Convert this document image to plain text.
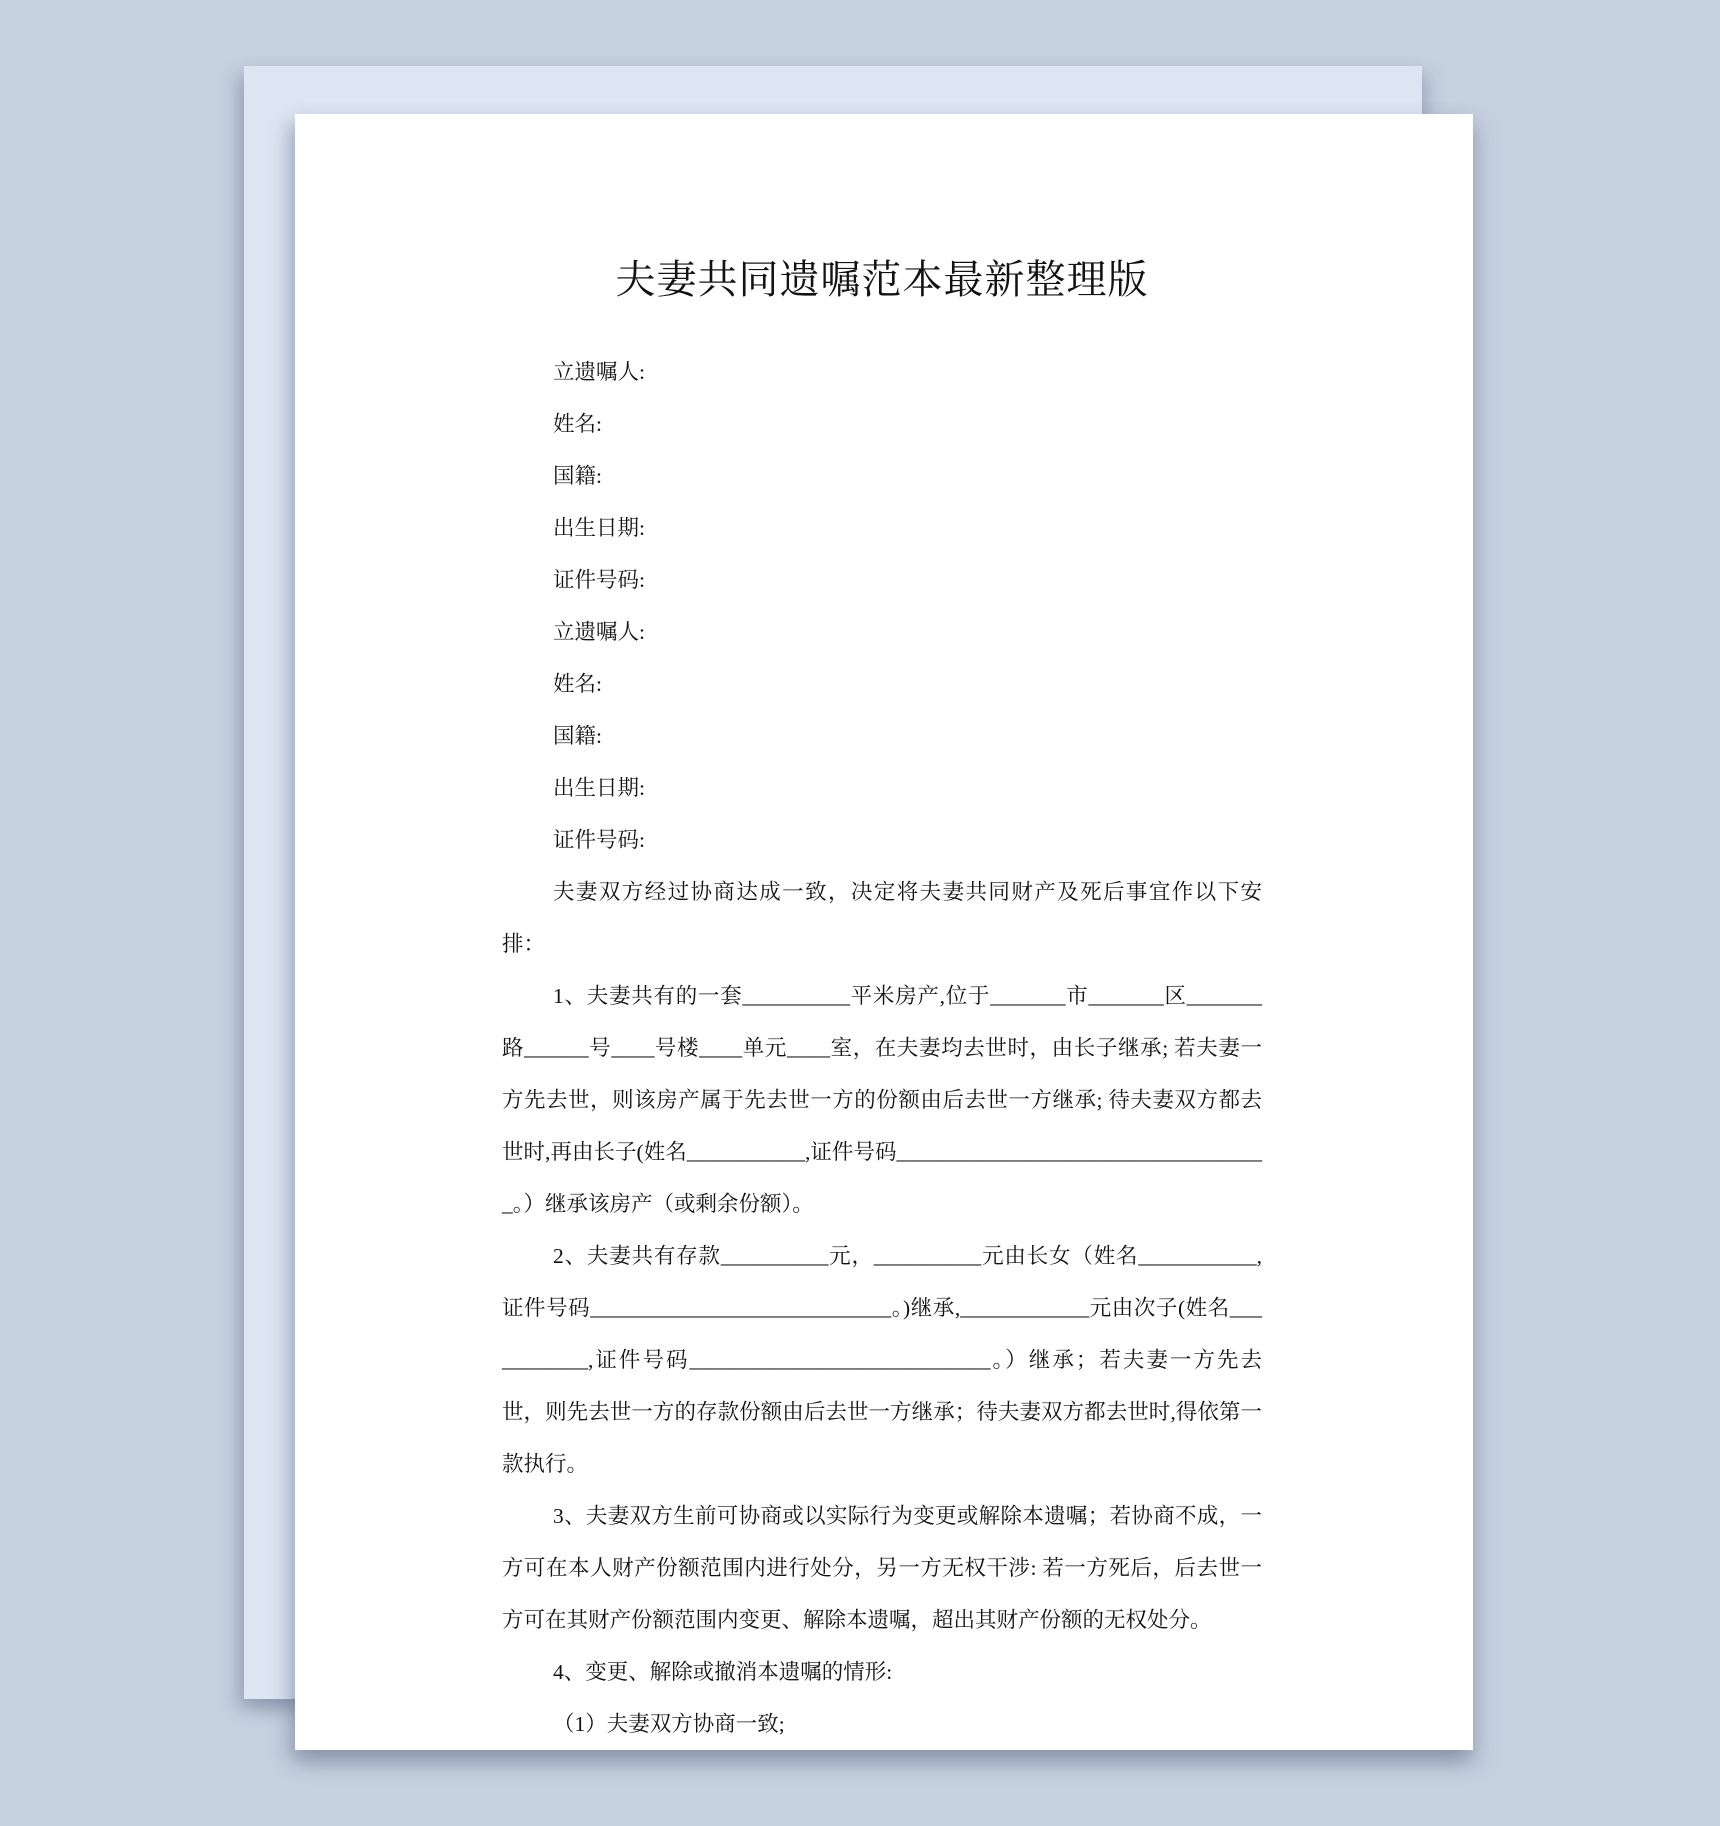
夫妻共同遗嘱范本最新整理版

立遗嘱人:

姓名:

国籍:

出生日期:

证件号码:

立遗嘱人:

姓名:

国籍:

出生日期:

证件号码:

夫妻双方经过协商达成一致，决定将夫妻共同财产及死后事宜作以下安排：

1、夫妻共有的一套__________平米房产,位于_______市_______区_______路______号____号楼____单元____室，在夫妻均去世时，由长子继承; 若夫妻一方先去世，则该房产属于先去世一方的份额由后去世一方继承; 待夫妻双方都去世时,再由长子(姓名___________,证件号码___________________________________。）继承该房产（或剩余份额）。

2、夫妻共有存款__________元，__________元由长女（姓名___________,证件号码____________________________。)继承,____________元由次子(姓名___________,证件号码____________________________。）继承；若夫妻一方先去世，则先去世一方的存款份额由后去世一方继承；待夫妻双方都去世时,得依第一款执行。

3、夫妻双方生前可协商或以实际行为变更或解除本遗嘱；若协商不成，一方可在本人财产份额范围内进行处分，另一方无权干涉: 若一方死后，后去世一方可在其财产份额范围内变更、解除本遗嘱，超出其财产份额的无权处分。

4、变更、解除或撤消本遗嘱的情形:

（1）夫妻双方协商一致;
